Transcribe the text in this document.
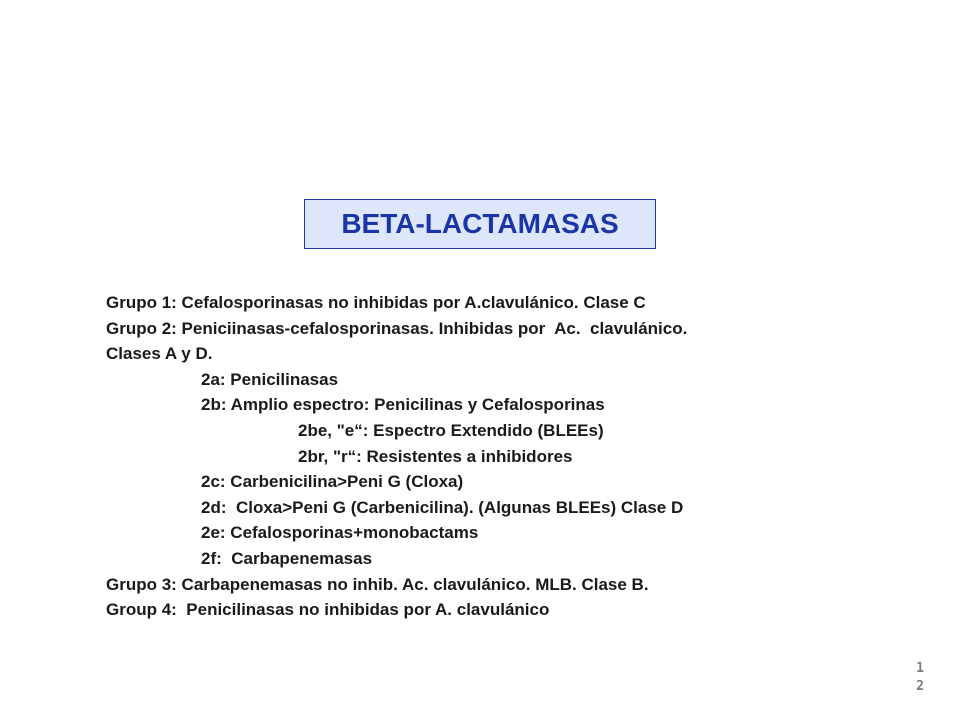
BETA-LACTAMASAS
Grupo 1: Cefalosporinasas no inhibidas por A.clavulánico. Clase C
Grupo 2: Peniciinasas-cefalosporinasas. Inhibidas por  Ac.  clavulánico.
Clases A y D.
2a: Penicilinasas
2b: Amplio espectro: Penicilinas y Cefalosporinas
2be, "e“: Espectro Extendido (BLEEs)
2br, "r“: Resistentes a inhibidores
2c: Carbenicilina>Peni G (Cloxa)
2d:  Cloxa>Peni G (Carbenicilina). (Algunas BLEEs) Clase D
2e: Cefalosporinas+monobactams
2f:  Carbapenemasas
Grupo 3: Carbapenemasas no inhib. Ac. clavulánico. MLB. Clase B.
Group 4:  Penicilinasas no inhibidas por A. clavulánico
1
2
